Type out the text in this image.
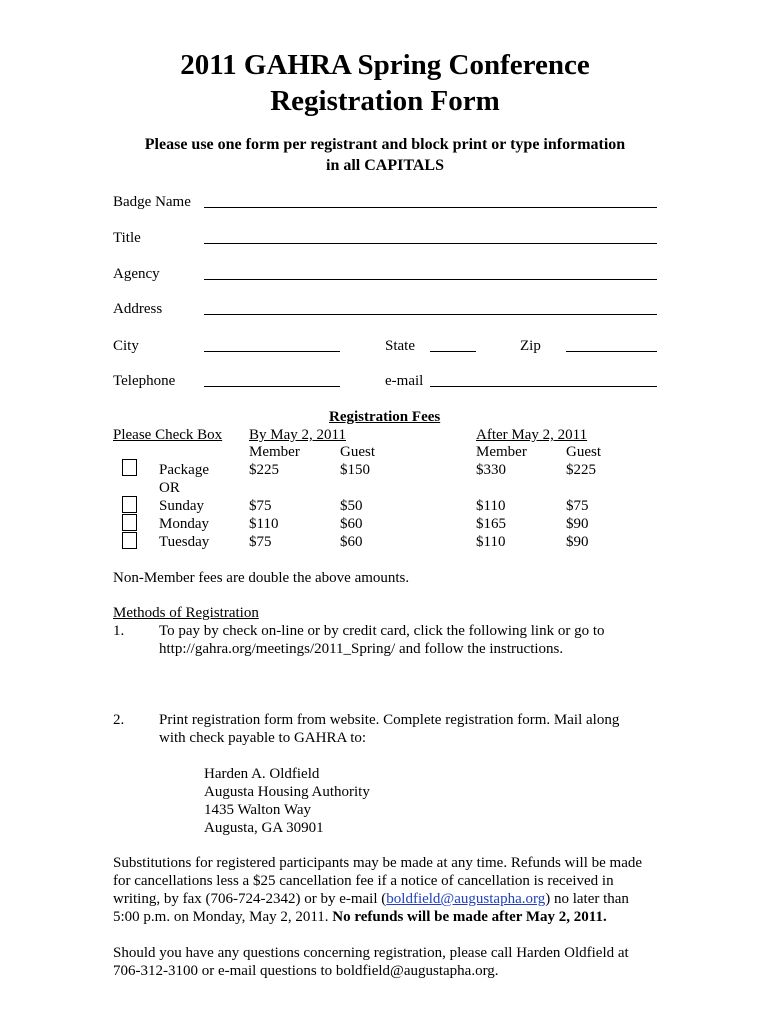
2011 GAHRA Spring Conference
Registration Form
Please use one form per registrant and block print or type information
in all CAPITALS
Badge Name
Title
Agency
Address
City	State	Zip
Telephone	e-mail
Registration Fees
Please Check Box By May 2, 2011	After May 2, 2011
Member	Guest	Member	Guest
Package	$225	$150	$330	$225
OR
Sunday	$75	$50	$110	$75
Monday	$110	$60	$165	$90
Tuesday	$75	$60	$110	$90
Non-Member fees are double the above amounts.
Methods of Registration
1. To pay by check on-line or by credit card, click the following link or go to
http://gahra.org/meetings/2011_Spring/ and follow the instructions.
2. Print registration form from website. Complete registration form. Mail along
with check payable to GAHRA to:
Harden A. Oldfield
Augusta Housing Authority
1435 Walton Way
Augusta, GA 30901
Substitutions for registered participants may be made at any time. Refunds will be made for cancellations less a $25 cancellation fee if a notice of cancellation is received in writing, by fax (706-724-2342) or by e-mail (boldfield@augustapha.org) no later than 5:00 p.m. on Monday, May 2, 2011. No refunds will be made after May 2, 2011.
Should you have any questions concerning registration, please call Harden Oldfield at 706-312-3100 or e-mail questions to boldfield@augustapha.org.
